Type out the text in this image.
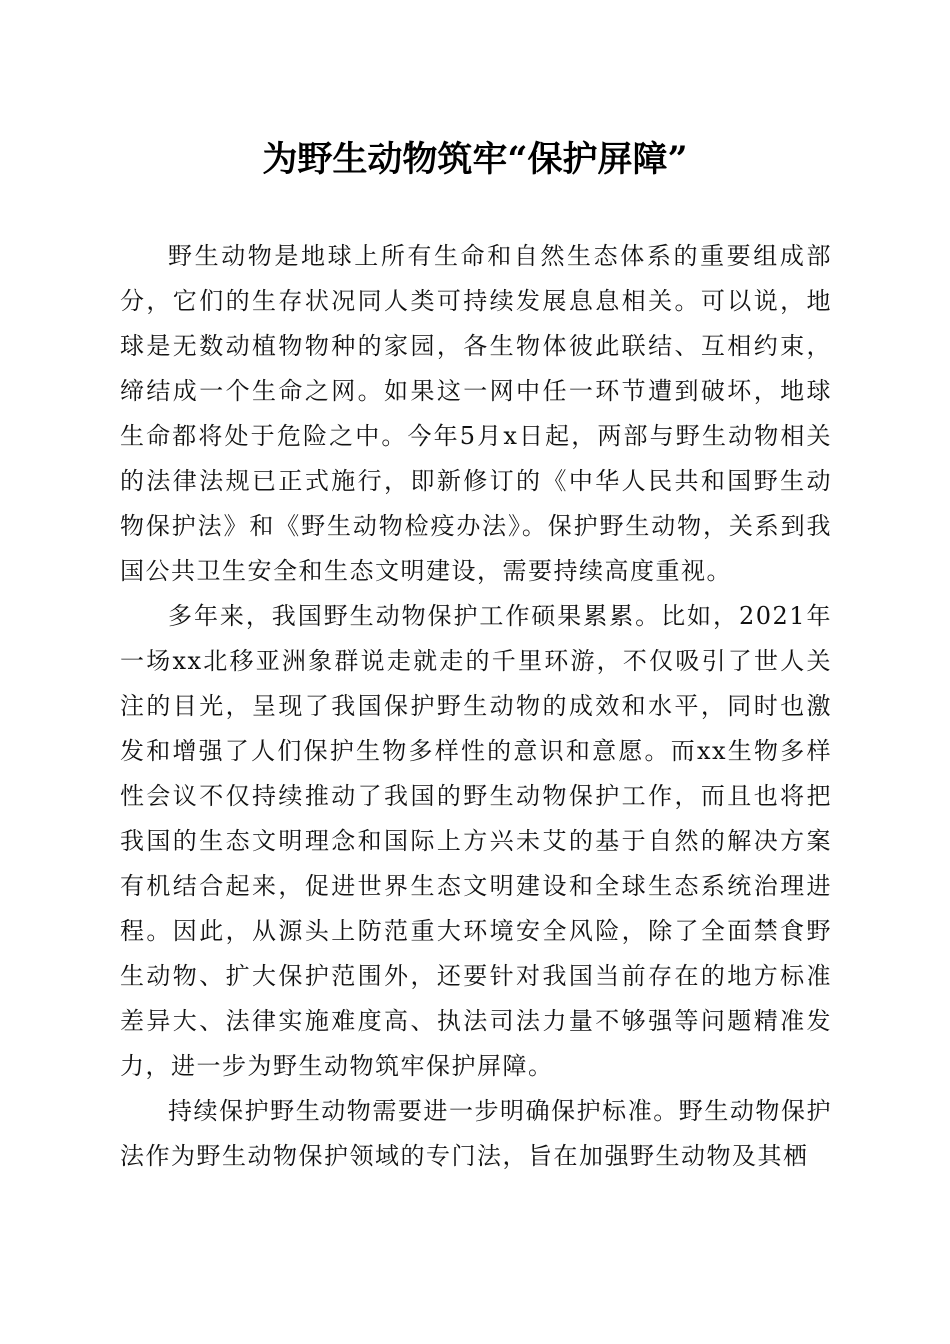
为野生动物筑牢“保护屏障”

野生动物是地球上所有生命和自然生态体系的重要组成部分，它们的生存状况同人类可持续发展息息相关。可以说，地球是无数动植物物种的家园，各生物体彼此联结、互相约束，缔结成一个生命之网。如果这一网中任一环节遭到破坏，地球生命都将处于危险之中。今年5月x日起，两部与野生动物相关的法律法规已正式施行，即新修订的《中华人民共和国野生动物保护法》和《野生动物检疫办法》。保护野生动物，关系到我国公共卫生安全和生态文明建设，需要持续高度重视。

多年来，我国野生动物保护工作硕果累累。比如，2021年一场xx北移亚洲象群说走就走的千里环游，不仅吸引了世人关注的目光，呈现了我国保护野生动物的成效和水平，同时也激发和增强了人们保护生物多样性的意识和意愿。而xx生物多样性会议不仅持续推动了我国的野生动物保护工作，而且也将把我国的生态文明理念和国际上方兴未艾的基于自然的解决方案有机结合起来，促进世界生态文明建设和全球生态系统治理进程。因此，从源头上防范重大环境安全风险，除了全面禁食野生动物、扩大保护范围外，还要针对我国当前存在的地方标准差异大、法律实施难度高、执法司法力量不够强等问题精准发力，进一步为野生动物筑牢保护屏障。

持续保护野生动物需要进一步明确保护标准。野生动物保护法作为野生动物保护领域的专门法，旨在加强野生动物及其栖
